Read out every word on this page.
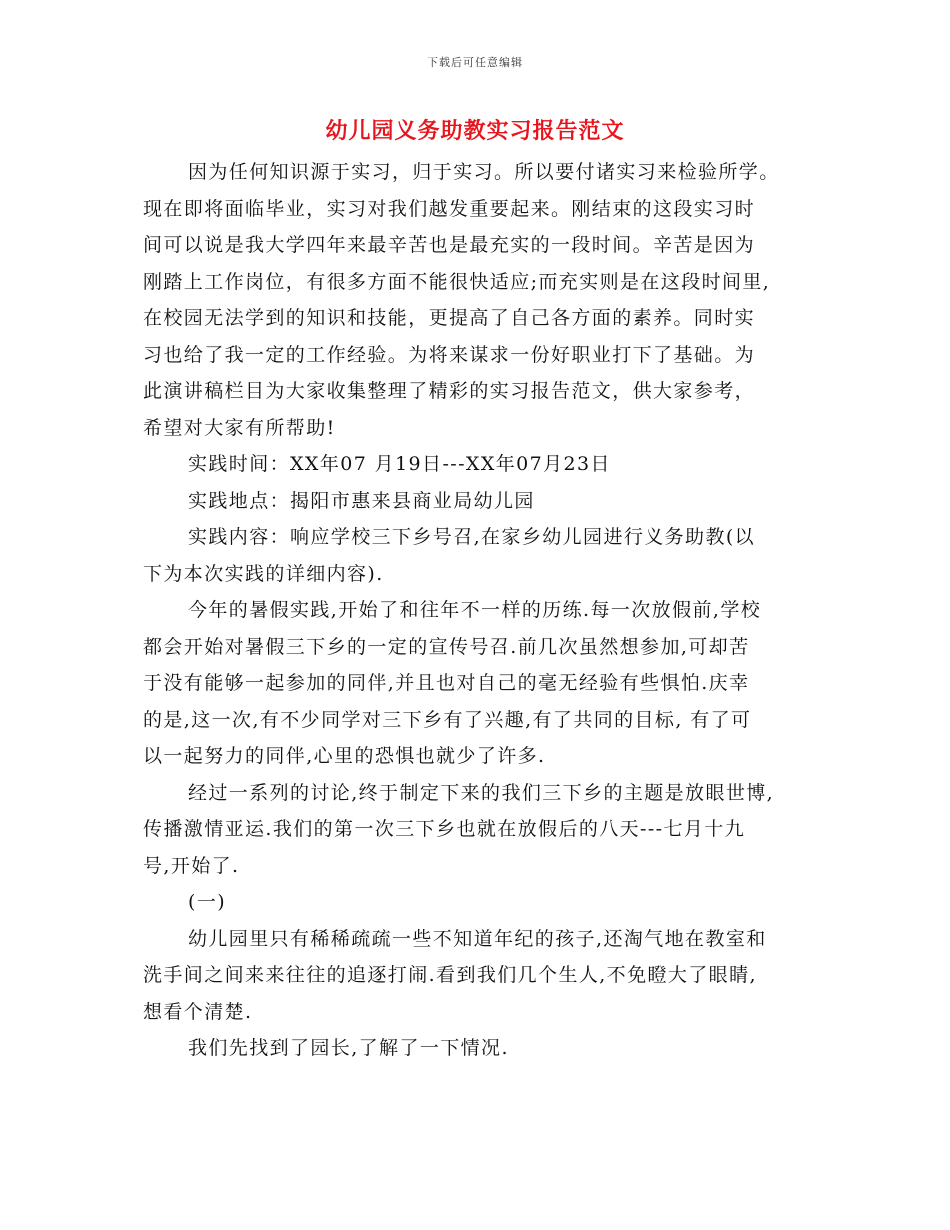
下载后可任意编辑
幼儿园义务助教实习报告范文
因为任何知识源于实习，归于实习。所以要付诸实习来检验所学。
现在即将面临毕业，实习对我们越发重要起来。刚结束的这段实习时
间可以说是我大学四年来最辛苦也是最充实的一段时间。辛苦是因为
刚踏上工作岗位，有很多方面不能很快适应;而充实则是在这段时间里,
在校园无法学到的知识和技能，更提高了自己各方面的素养。同时实
习也给了我一定的工作经验。为将来谋求一份好职业打下了基础。为
此演讲稿栏目为大家收集整理了精彩的实习报告范文，供大家参考，
希望对大家有所帮助!
实践时间：XX年07 月19日---XX年07月23日
实践地点：揭阳市惠来县商业局幼儿园
实践内容：响应学校三下乡号召,在家乡幼儿园进行义务助教(以
下为本次实践的详细内容).
今年的暑假实践,开始了和往年不一样的历练.每一次放假前,学校
都会开始对暑假三下乡的一定的宣传号召.前几次虽然想参加,可却苦
于没有能够一起参加的同伴,并且也对自己的毫无经验有些惧怕.庆幸
的是,这一次,有不少同学对三下乡有了兴趣,有了共同的目标, 有了可
以一起努力的同伴,心里的恐惧也就少了许多.
经过一系列的讨论,终于制定下来的我们三下乡的主题是放眼世博,
传播激情亚运.我们的第一次三下乡也就在放假后的八天---七月十九
号,开始了.
(一)
幼儿园里只有稀稀疏疏一些不知道年纪的孩子,还淘气地在教室和
洗手间之间来来往往的追逐打闹.看到我们几个生人,不免瞪大了眼睛,
想看个清楚.
我们先找到了园长,了解了一下情况.
